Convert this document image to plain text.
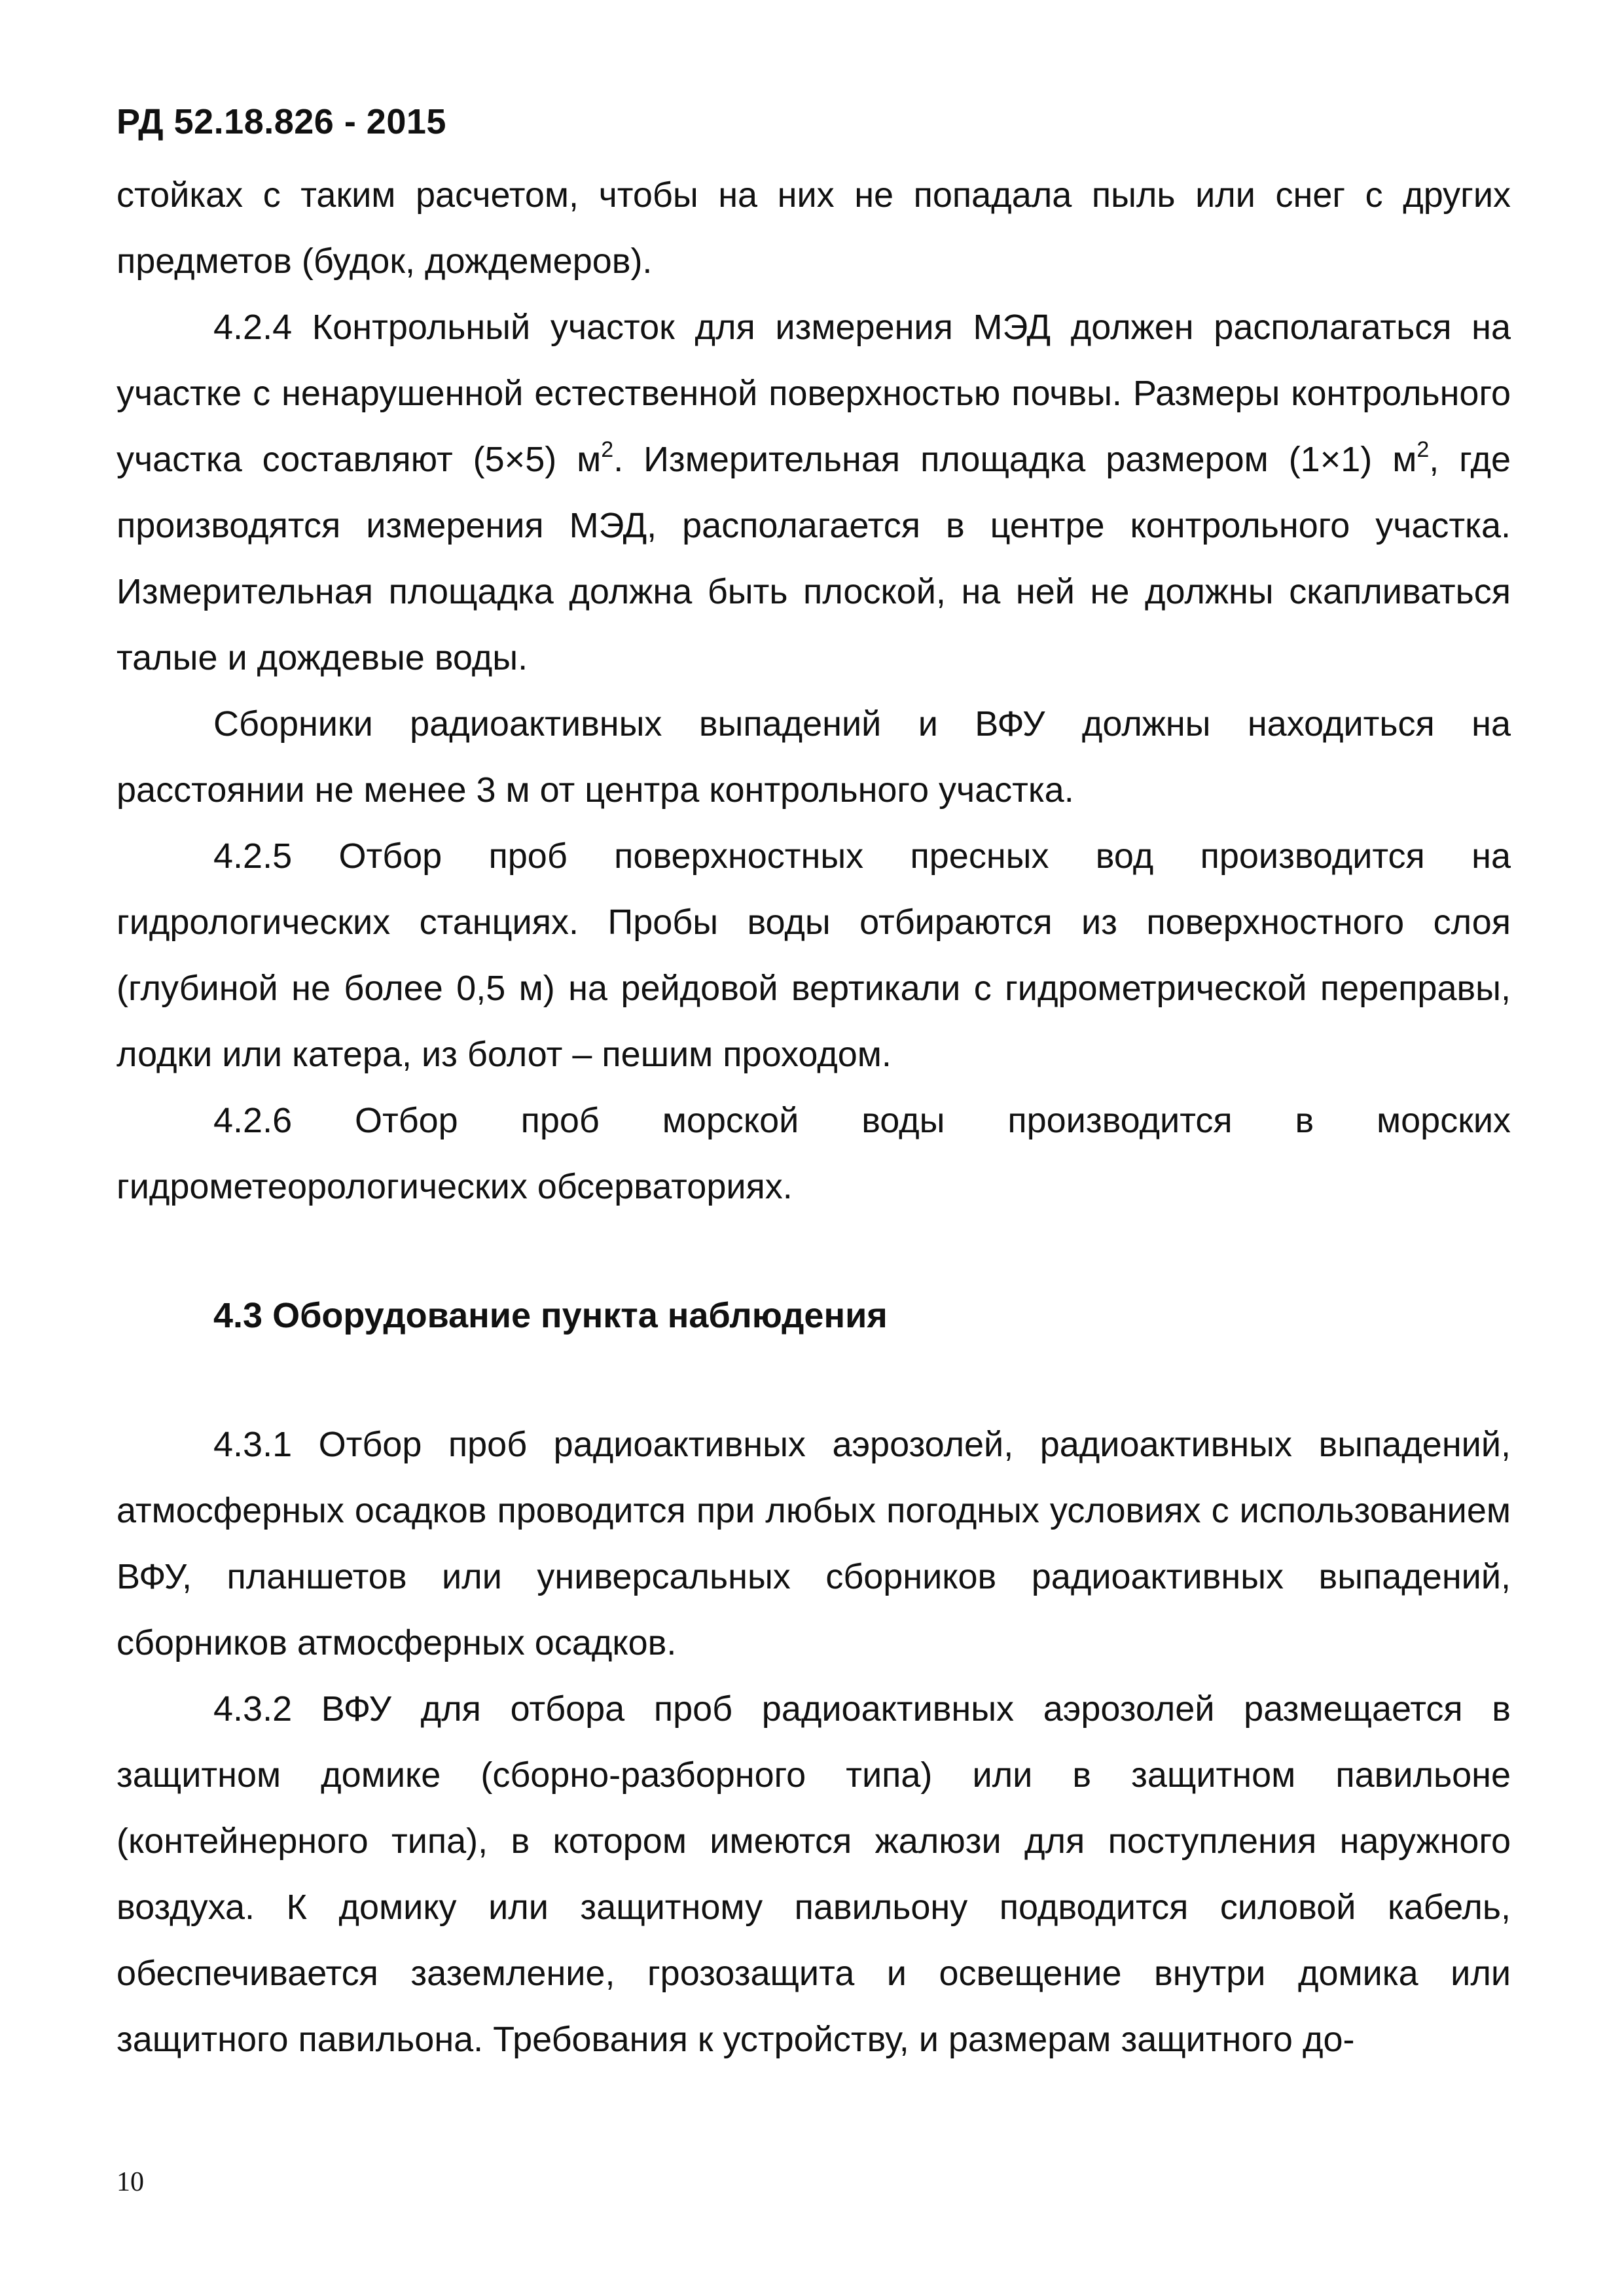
РД 52.18.826 - 2015

стойках с таким расчетом, чтобы на них не попадала пыль или снег с других предметов (будок, дождемеров).

4.2.4 Контрольный участок для измерения МЭД должен располагаться на участке с ненарушенной естественной поверхностью почвы. Размеры контрольного участка составляют (5×5) $м^2$. Измерительная площадка размером (1×1) $м^2$, где производятся измерения МЭД, располагается в центре контрольного участка. Измерительная площадка должна быть плоской, на ней не должны скапливаться талые и дождевые воды.

Сборники радиоактивных выпадений и ВФУ должны находиться на расстоянии не менее 3 м от центра контрольного участка.

4.2.5 Отбор проб поверхностных пресных вод производится на гидрологических станциях. Пробы воды отбираются из поверхностного слоя (глубиной не более 0,5 м) на рейдовой вертикали с гидрометрической переправы, лодки или катера, из болот – пешим проходом.

4.2.6 Отбор проб морской воды производится в морских гидрометеорологических обсерваториях.

4.3 Оборудование пункта наблюдения

4.3.1 Отбор проб радиоактивных аэрозолей, радиоактивных выпадений, атмосферных осадков проводится при любых погодных условиях с использованием ВФУ, планшетов или универсальных сборников радиоактивных выпадений, сборников атмосферных осадков.

4.3.2 ВФУ для отбора проб радиоактивных аэрозолей размещается в защитном домике (сборно-разборного типа) или в защитном павильоне (контейнерного типа), в котором имеются жалюзи для поступления наружного воздуха. К домику или защитному павильону подводится силовой кабель, обеспечивается заземление, грозозащита и освещение внутри домика или защитного павильона. Требования к устройству, и размерам защитного до-

10
